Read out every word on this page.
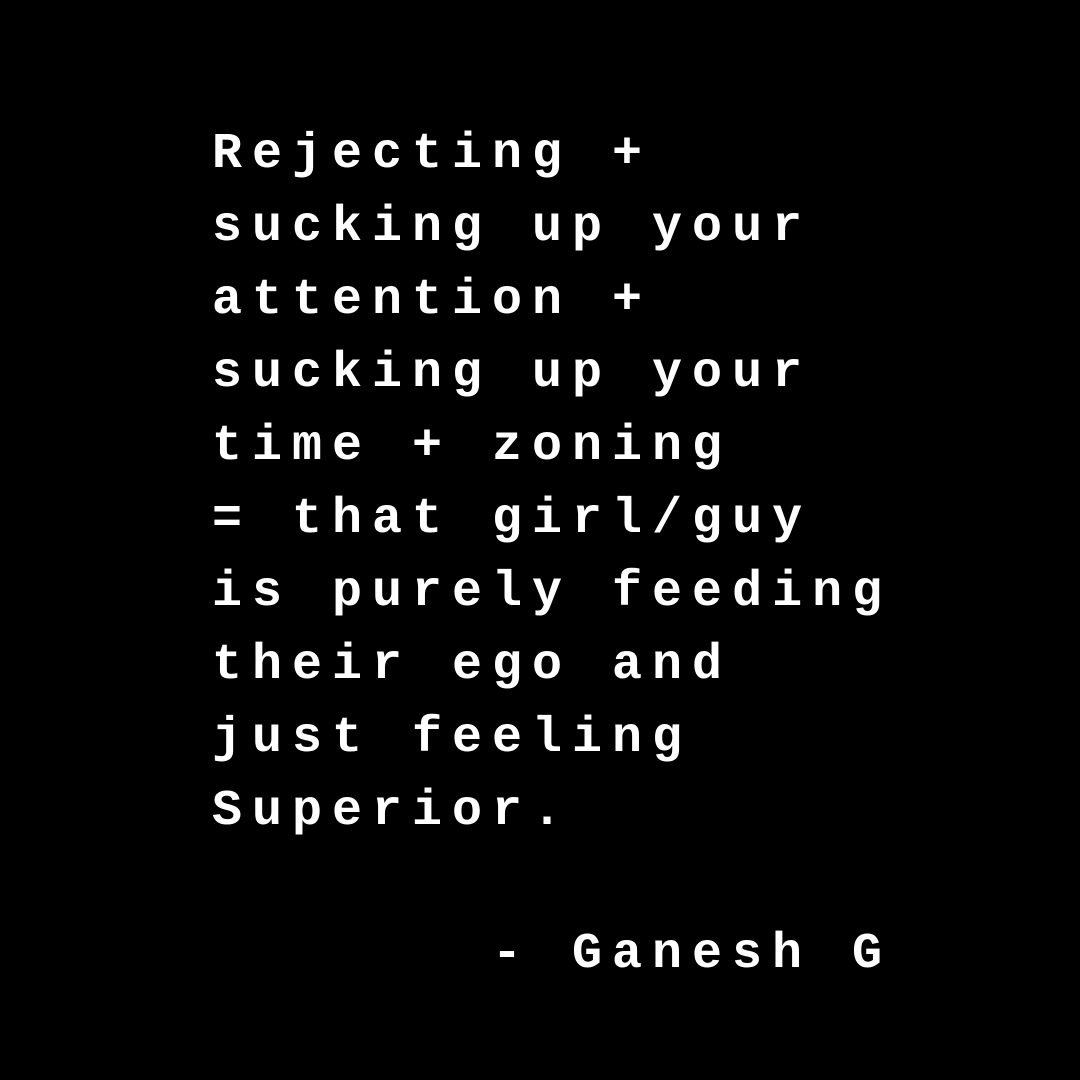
Rejecting +
sucking up your
attention +
sucking up your
time + zoning
= that girl/guy
is purely feeding
their ego and
just feeling
Superior.
- Ganesh G
